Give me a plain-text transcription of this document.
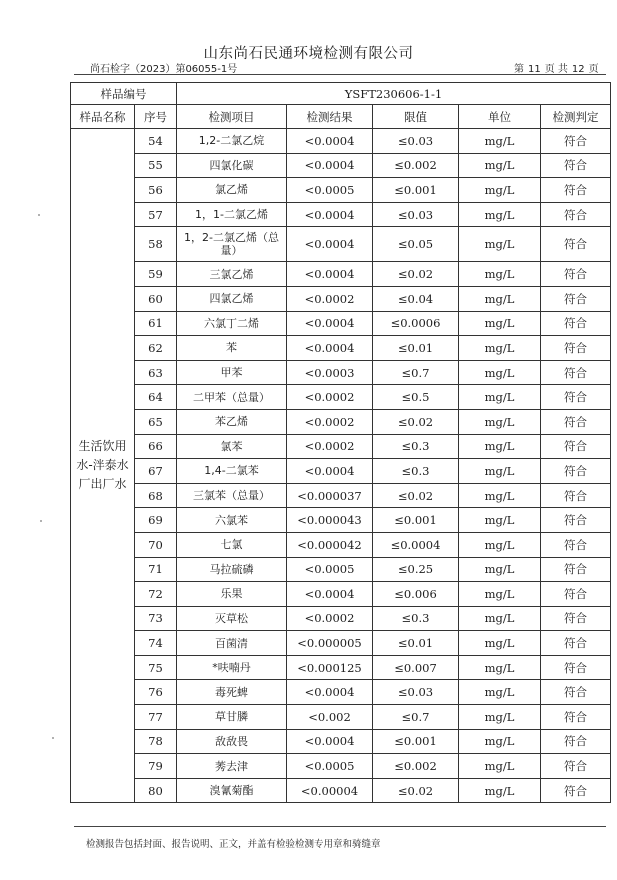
山东尚石民通环境检测有限公司
尚石检字（2023）第06055-1号	第 11 页 共 12 页
样品编号		YSFT230606-1-1				
样品名称	序号	检测项目	检测结果	限值	单位	检测判定
生活饮用水-泮泰水厂出厂水	54	1,2-二氯乙烷	<0.0004	≤0.03	mg/L	符合
	55	四氯化碳	<0.0004	≤0.002	mg/L	符合
	56	氯乙烯	<0.0005	≤0.001	mg/L	符合
	57	1，1-二氯乙烯	<0.0004	≤0.03	mg/L	符合
	58	1，2-二氯乙烯（总量）	<0.0004	≤0.05	mg/L	符合
	59	三氯乙烯	<0.0004	≤0.02	mg/L	符合
	60	四氯乙烯	<0.0002	≤0.04	mg/L	符合
	61	六氯丁二烯	<0.0004	≤0.0006	mg/L	符合
	62	苯	<0.0004	≤0.01	mg/L	符合
	63	甲苯	<0.0003	≤0.7	mg/L	符合
	64	二甲苯（总量）	<0.0002	≤0.5	mg/L	符合
	65	苯乙烯	<0.0002	≤0.02	mg/L	符合
	66	氯苯	<0.0002	≤0.3	mg/L	符合
	67	1,4-二氯苯	<0.0004	≤0.3	mg/L	符合
	68	三氯苯（总量）	<0.000037	≤0.02	mg/L	符合
	69	六氯苯	<0.000043	≤0.001	mg/L	符合
	70	七氯	<0.000042	≤0.0004	mg/L	符合
	71	马拉硫磷	<0.0005	≤0.25	mg/L	符合
	72	乐果	<0.0004	≤0.006	mg/L	符合
	73	灭草松	<0.0002	≤0.3	mg/L	符合
	74	百菌清	<0.000005	≤0.01	mg/L	符合
	75	*呋喃丹	<0.000125	≤0.007	mg/L	符合
	76	毒死蜱	<0.0004	≤0.03	mg/L	符合
	77	草甘膦	<0.002	≤0.7	mg/L	符合
	78	敌敌畏	<0.0004	≤0.001	mg/L	符合
	79	莠去津	<0.0005	≤0.002	mg/L	符合
	80	溴氰菊酯	<0.00004	≤0.02	mg/L	符合
检测报告包括封面、报告说明、正文，并盖有检验检测专用章和骑缝章
